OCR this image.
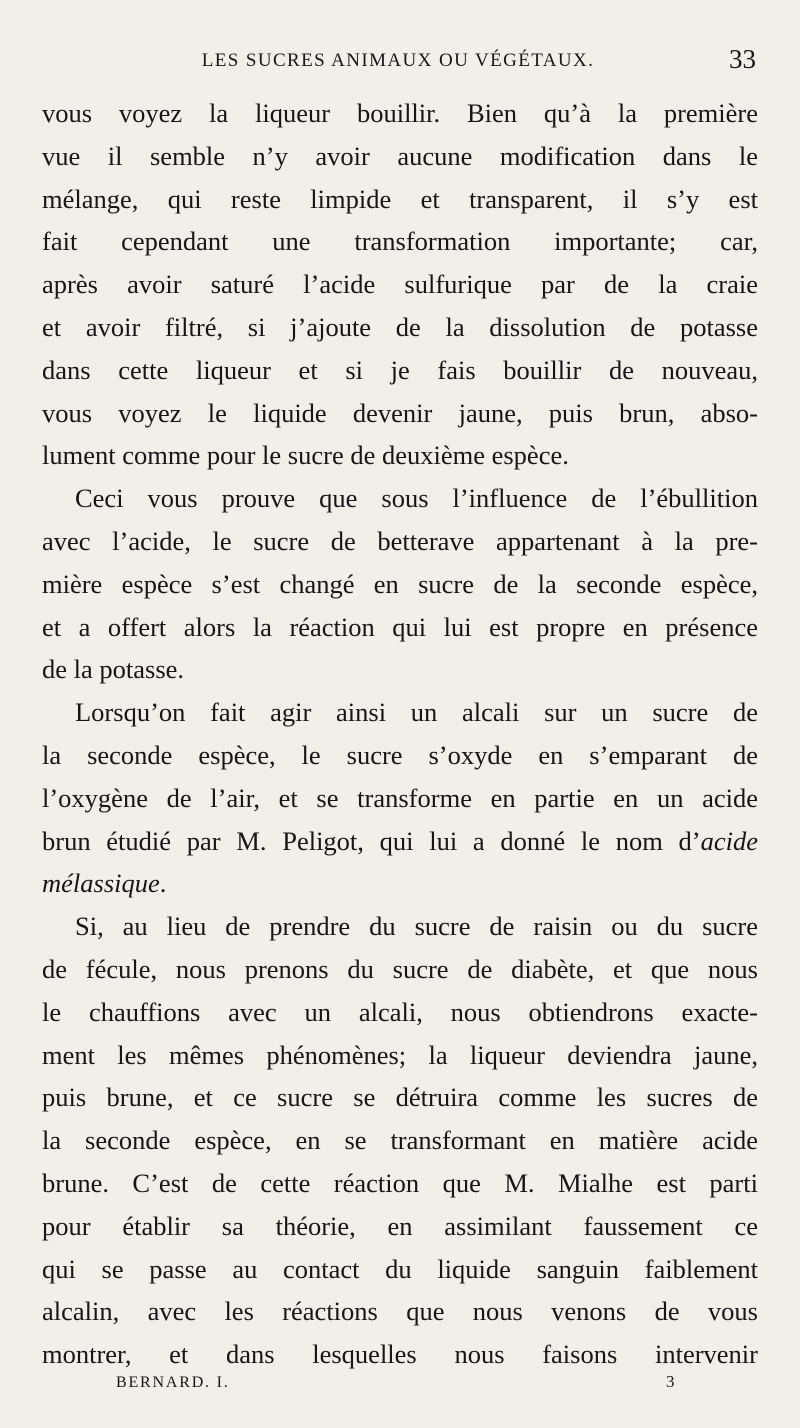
LES SUCRES ANIMAUX OU VÉGÉTAUX.	33
vous voyez la liqueur bouillir. Bien qu’à la première
vue il semble n’y avoir aucune modification dans le
mélange, qui reste limpide et transparent, il s’y est
fait cependant une transformation importante; car,
après avoir saturé l’acide sulfurique par de la craie
et avoir filtré, si j’ajoute de la dissolution de potasse
dans cette liqueur et si je fais bouillir de nouveau,
vous voyez le liquide devenir jaune, puis brun, abso-
lument comme pour le sucre de deuxième espèce.
Ceci vous prouve que sous l’influence de l’ébullition
avec l’acide, le sucre de betterave appartenant à la pre-
mière espèce s’est changé en sucre de la seconde espèce,
et a offert alors la réaction qui lui est propre en présence
de la potasse.
Lorsqu’on fait agir ainsi un alcali sur un sucre de
la seconde espèce, le sucre s’oxyde en s’emparant de
l’oxygène de l’air, et se transforme en partie en un acide
brun étudié par M. Peligot, qui lui a donné le nom d’acide
mélassique.
Si, au lieu de prendre du sucre de raisin ou du sucre
de fécule, nous prenons du sucre de diabète, et que nous
le chauffions avec un alcali, nous obtiendrons exacte-
ment les mêmes phénomènes; la liqueur deviendra jaune,
puis brune, et ce sucre se détruira comme les sucres de
la seconde espèce, en se transformant en matière acide
brune. C’est de cette réaction que M. Mialhe est parti
pour établir sa théorie, en assimilant faussement ce
qui se passe au contact du liquide sanguin faiblement
alcalin, avec les réactions que nous venons de vous
montrer, et dans lesquelles nous faisons intervenir
BERNARD. I.	3
